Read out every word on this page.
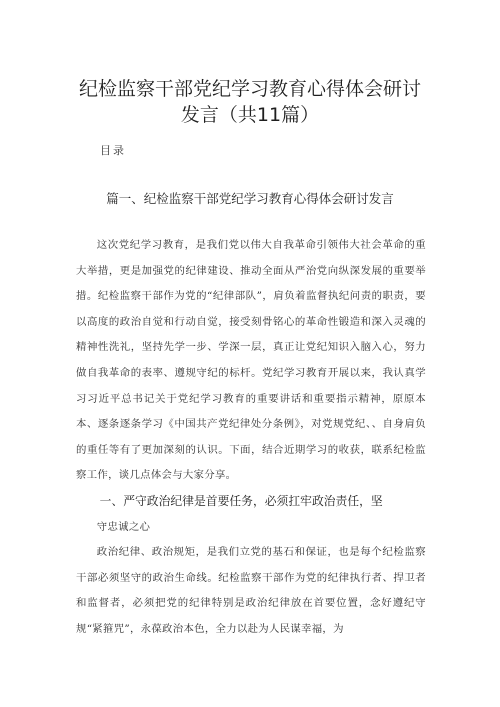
纪检监察干部党纪学习教育心得体会研讨
发言（共11篇）
目录
篇一、纪检监察干部党纪学习教育心得体会研讨发言

这次党纪学习教育，是我们党以伟大自我革命引领伟大社会革命的重大举措，更是加强党的纪律建设、推动全面从严治党向纵深发展的重要举措。纪检监察干部作为党的“纪律部队”，肩负着监督执纪问责的职责，要以高度的政治自觉和行动自觉，接受刻骨铭心的革命性锻造和深入灵魂的精神性洗礼，坚持先学一步、学深一层，真正让党纪知识入脑入心，努力做自我革命的表率、遵规守纪的标杆。党纪学习教育开展以来，我认真学习习近平总书记关于党纪学习教育的重要讲话和重要指示精神，原原本本、逐条逐条学习《中国共产党纪律处分条例》，对党规党纪、、自身肩负的重任等有了更加深刻的认识。下面，结合近期学习的收获，联系纪检监察工作，谈几点体会与大家分享。

一、严守政治纪律是首要任务，必须扛牢政治责任，坚

守忠诚之心

政治纪律、政治规矩，是我们立党的基石和保证，也是每个纪检监察干部必须坚守的政治生命线。纪检监察干部作为党的纪律执行者、捍卫者和监督者，必须把党的纪律特别是政治纪律放在首要位置，念好遵纪守规“紧箍咒”，永葆政治本色，全力以赴为人民谋幸福，为
